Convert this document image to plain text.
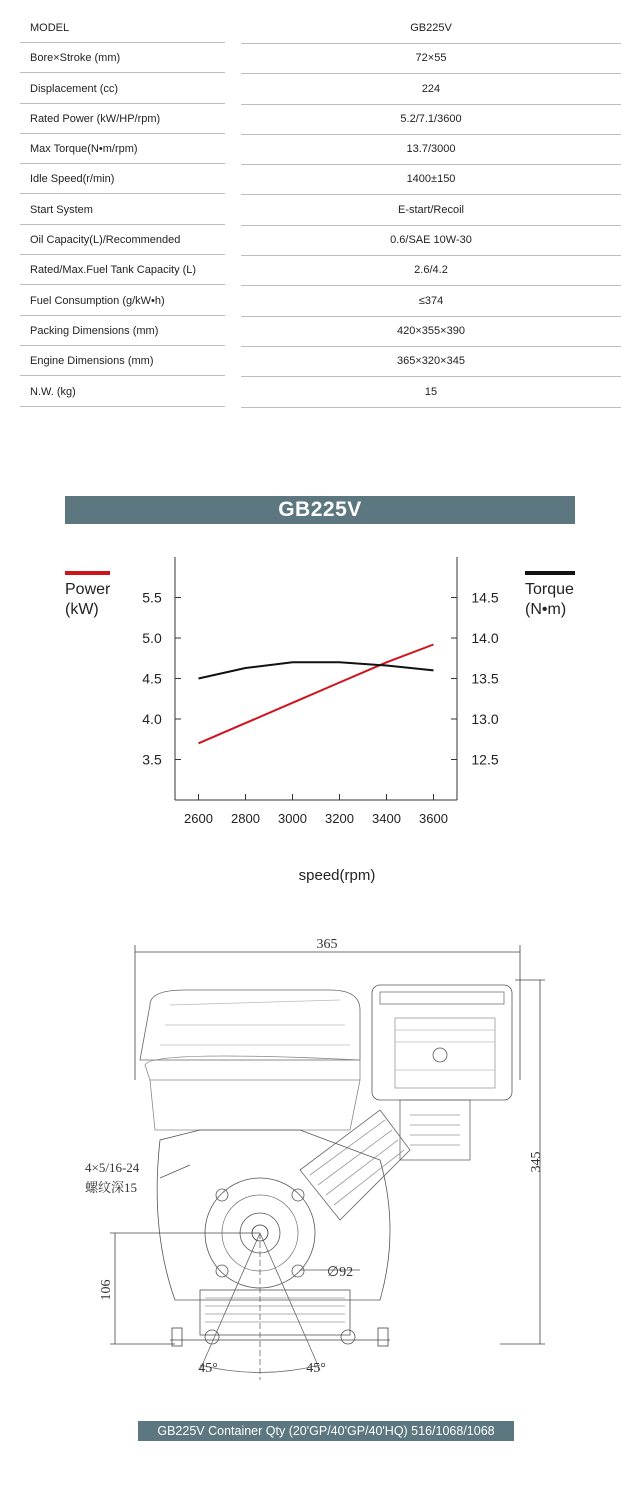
MODEL	GB225V
Bore×Stroke (mm)	72×55
Displacement (cc)	224
Rated Power (kW/HP/rpm)	5.2/7.1/3600
Max Torque(N•m/rpm)	13.7/3000
Idle Speed(r/min)	1400±150
Start System	E-start/Recoil
Oil Capacity(L)/Recommended	0.6/SAE 10W-30
Rated/Max.Fuel Tank Capacity (L)	2.6/4.2
Fuel Consumption (g/kW•h)	≤374
Packing Dimensions (mm)	420×355×390
Engine Dimensions (mm)	365×320×345
N.W. (kg)	15
GB225V
Power
(kW)
Torque
(N•m)
5.5
5.0
4.5
4.0
3.5
14.5
14.0
13.5
13.0
12.5
2600 2800 3000 3200 3400 3600
speed(rpm)
365
345
106
∅92
4×5/16-24
螺纹深15
45°	45°
GB225V Container Qty (20'GP/40'GP/40'HQ) 516/1068/1068
